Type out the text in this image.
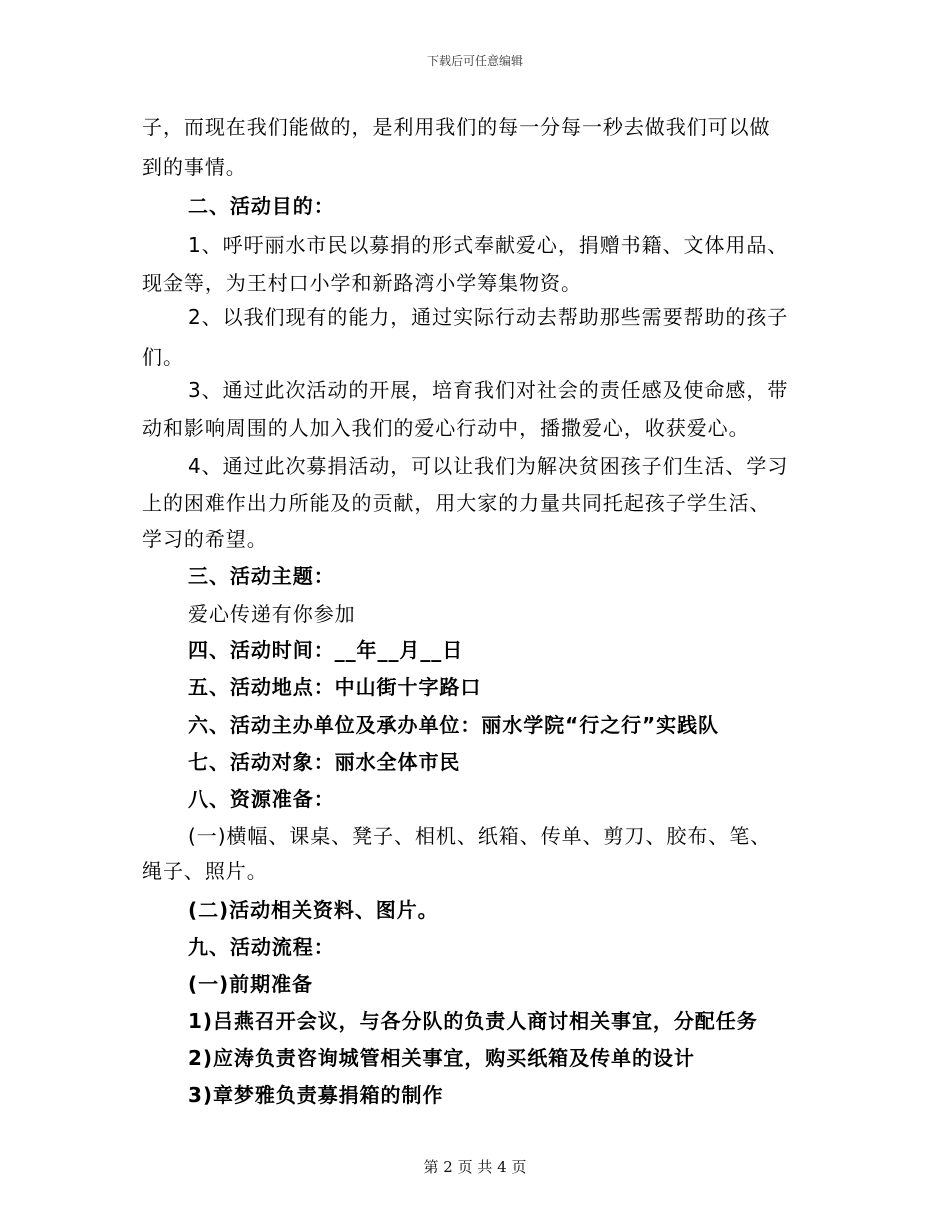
下载后可任意编辑
子，而现在我们能做的，是利用我们的每一分每一秒去做我们可以做
到的事情。
二、活动目的：
1、呼吁丽水市民以募捐的形式奉献爱心，捐赠书籍、文体用品、
现金等，为王村口小学和新路湾小学筹集物资。
2、以我们现有的能力，通过实际行动去帮助那些需要帮助的孩子
们。
3、通过此次活动的开展，培育我们对社会的责任感及使命感，带
动和影响周围的人加入我们的爱心行动中，播撒爱心，收获爱心。
4、通过此次募捐活动，可以让我们为解决贫困孩子们生活、学习
上的困难作出力所能及的贡献，用大家的力量共同托起孩子学生活、
学习的希望。
三、活动主题：
爱心传递有你参加
四、活动时间：__年__月__日
五、活动地点：中山街十字路口
六、活动主办单位及承办单位：丽水学院“行之行”实践队
七、活动对象：丽水全体市民
八、资源准备：
(一)横幅、课桌、凳子、相机、纸箱、传单、剪刀、胶布、笔、
绳子、照片。
(二)活动相关资料、图片。
九、活动流程：
(一)前期准备
1)吕燕召开会议，与各分队的负责人商讨相关事宜，分配任务
2)应涛负责咨询城管相关事宜，购买纸箱及传单的设计
3)章梦雅负责募捐箱的制作
第 2 页 共 4 页
